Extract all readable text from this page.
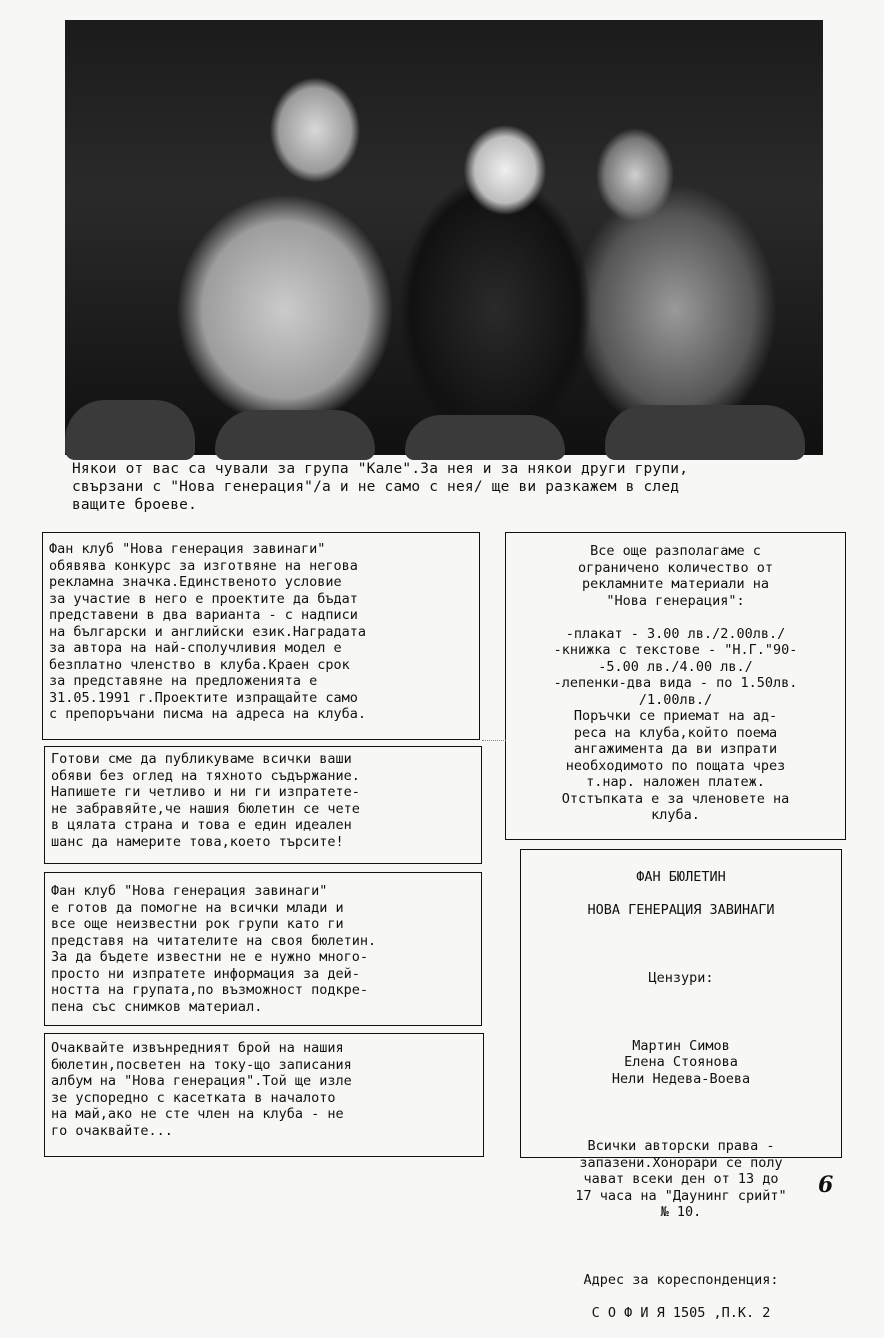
Някои от вас са чували за група "Кале".За нея и за някои други групи,
свързани с "Нова генерация"/а и не само с нея/ ще ви разкажем в след
ващите броеве.
Фан клуб "Нова генерация завинаги"
обявява конкурс за изготвяне на негова
рекламна значка.Единственото условие
за участие в него е проектите да бъдат
представени в два варианта - с надписи
на български и английски език.Наградата
за автора на най-сполучливия модел е
безплатно членство в клуба.Краен срок
за представяне на предложенията е
31.05.1991 г.Проектите изпращайте само
с препоръчани писма на адреса на клуба.
Все още разполагаме с
ограничено количество от
рекламните материали на
"Нова генерация":

-плакат - 3.00 лв./2.00лв./
-книжка с текстове - "Н.Г."90-
-5.00 лв./4.00 лв./
-лепенки-два вида - по 1.50лв.
/1.00лв./
Поръчки се приемат на ад-
реса на клуба,който поема
ангажимента да ви изпрати
необходимото по пощата чрез
т.нар. наложен платеж.
Отстъпката е за членовете на
клуба.
Готови сме да публикуваме всички ваши
обяви без оглед на тяхното съдържание.
Напишете ги четливо и ни ги изпратете-
не забравяйте,че нашия бюлетин се чете
в цялата страна и това е един идеален
шанс да намерите това,което търсите!
Фан клуб "Нова генерация завинаги"
е готов да помогне на всички млади и
все още неизвестни рок групи като ги
представя на читателите на своя бюлетин.
За да бъдете известни не е нужно много-
просто ни изпратете информация за дей-
ността на групата,по възможност подкре-
пена със снимков материал.
Очаквайте извънредният брой на нашия
бюлетин,посветен на току-що записания
албум на "Нова генерация".Той ще излe
зе успоредно с касетката в началото
на май,ако не сте член на клуба - не
го очаквайте...

ФАН БЮЛЕТИН

НОВА ГЕНЕРАЦИЯ ЗАВИНАГИ

Цензури:

Мартин Симов
Елена Стоянова
Нели Недева-Воева

Всички авторски права -
запазени.Хонорари се полу
чават всеки ден от 13 до
17 часа на "Даунинг срийт"
№ 10.

Адрес за кореспонденция:

С О Ф И Я 1505 ,П.К. 2

6
